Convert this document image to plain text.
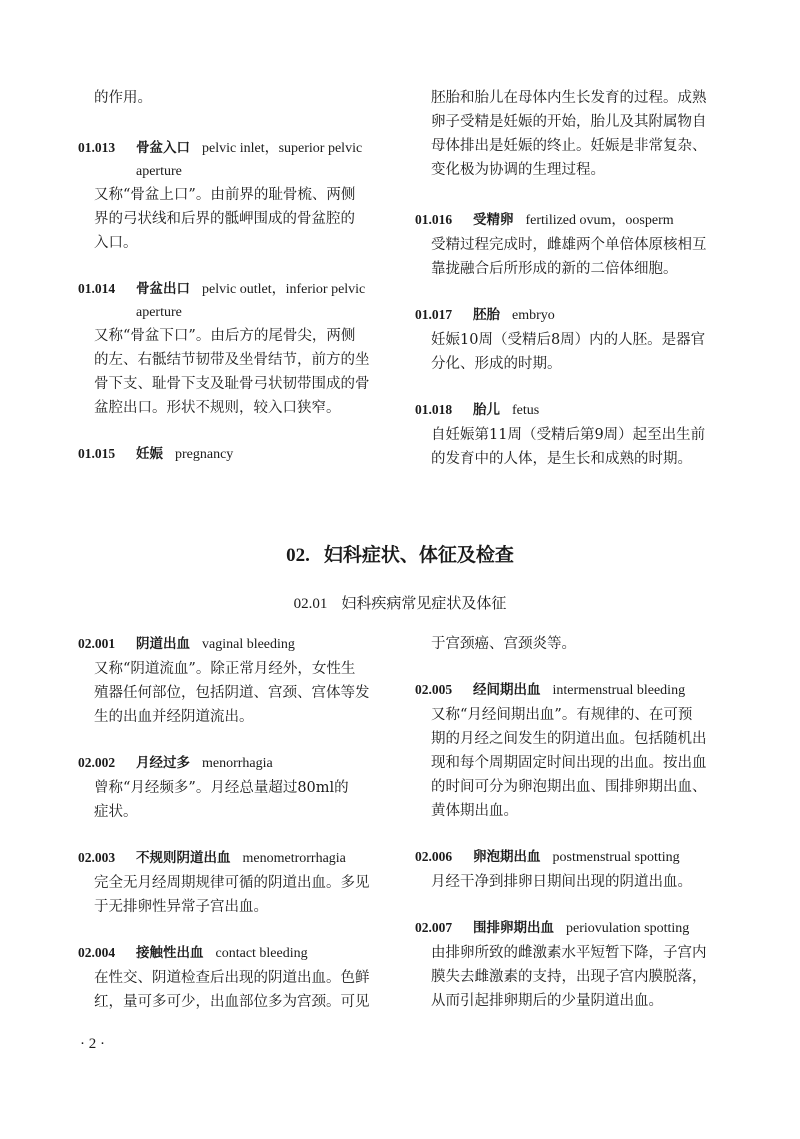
的作用。

01.013	骨盆入口 pelvic inlet，superior pelvic

aperture

又称“骨盆上口”。由前界的耻骨梳、两侧

界的弓状线和后界的骶岬围成的骨盆腔的

入口。

01.014	骨盆出口 pelvic outlet，inferior pelvic

aperture

又称“骨盆下口”。由后方的尾骨尖，两侧

的左、右骶结节韧带及坐骨结节，前方的坐

骨下支、耻骨下支及耻骨弓状韧带围成的骨

盆腔出口。形状不规则，较入口狭窄。

01.015	妊娠 pregnancy

胚胎和胎儿在母体内生长发育的过程。成熟

卵子受精是妊娠的开始，胎儿及其附属物自

母体排出是妊娠的终止。妊娠是非常复杂、

变化极为协调的生理过程。

01.016	受精卵 fertilized ovum，oosperm

受精过程完成时，雌雄两个单倍体原核相互

靠拢融合后所形成的新的二倍体细胞。

01.017	胚胎 embryo

妊娠10周（受精后8周）内的人胚。是器官

分化、形成的时期。

01.018	胎儿 fetus

自妊娠第11周（受精后第9周）起至出生前

的发育中的人体，是生长和成熟的时期。

02. 妇科症状、体征及检查
02.01 妇科疾病常见症状及体征
02.001	阴道出血 vaginal bleeding

又称“阴道流血”。除正常月经外，女性生

殖器任何部位，包括阴道、宫颈、宫体等发

生的出血并经阴道流出。

02.002	月经过多 menorrhagia

曾称“月经频多”。月经总量超过80ml的

症状。

02.003	不规则阴道出血 menometrorrhagia

完全无月经周期规律可循的阴道出血。多见

于无排卵性异常子宫出血。

02.004	接触性出血 contact bleeding

在性交、阴道检查后出现的阴道出血。色鲜

红，量可多可少，出血部位多为宫颈。可见

于宫颈癌、宫颈炎等。

02.005	经间期出血 intermenstrual bleeding

又称“月经间期出血”。有规律的、在可预

期的月经之间发生的阴道出血。包括随机出

现和每个周期固定时间出现的出血。按出血

的时间可分为卵泡期出血、围排卵期出血、

黄体期出血。

02.006	卵泡期出血 postmenstrual spotting

月经干净到排卵日期间出现的阴道出血。

02.007	围排卵期出血 periovulation spotting

由排卵所致的雌激素水平短暂下降，子宫内

膜失去雌激素的支持，出现子宫内膜脱落，

从而引起排卵期后的少量阴道出血。

· 2 ·
